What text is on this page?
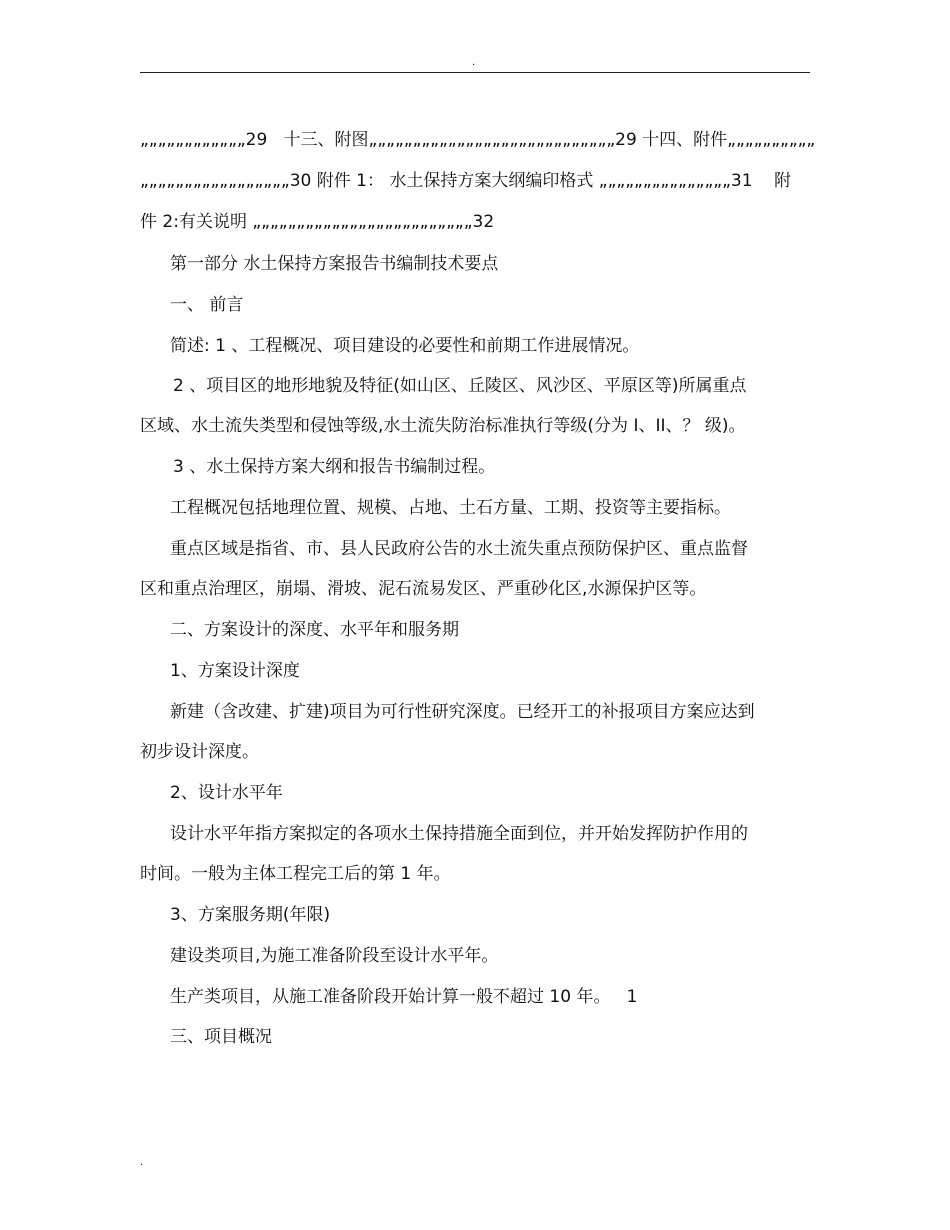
.
„„„„„„„„„„„„29   十三、附图„„„„„„„„„„„„„„„„„„„„„„„„„„„„29 十四、附件„„„„„„„„„„
„„„„„„„„„„„„„„„„„30 附件 1： 水土保持方案大纲编印格式 „„„„„„„„„„„„„„„31    附
件 2:有关说明 „„„„„„„„„„„„„„„„„„„„„„„„„32
第一部分 水土保持方案报告书编制技术要点
一、 前言
简述: 1 、工程概况、项目建设的必要性和前期工作进展情况。
2 、项目区的地形地貌及特征(如山区、丘陵区、风沙区、平原区等)所属重点
区域、水土流失类型和侵蚀等级,水土流失防治标准执行等级(分为 I、II、？ 级)。
3 、水土保持方案大纲和报告书编制过程。
工程概况包括地理位置、规模、占地、土石方量、工期、投资等主要指标。
重点区域是指省、市、县人民政府公告的水土流失重点预防保护区、重点监督
区和重点治理区，崩塌、滑坡、泥石流易发区、严重砂化区,水源保护区等。
二、方案设计的深度、水平年和服务期
1、方案设计深度
新建（含改建、扩建)项目为可行性研究深度。已经开工的补报项目方案应达到
初步设计深度。
2、设计水平年
设计水平年指方案拟定的各项水土保持措施全面到位，并开始发挥防护作用的
时间。一般为主体工程完工后的第 1 年。
3、方案服务期(年限)
建设类项目,为施工准备阶段至设计水平年。
生产类项目，从施工准备阶段开始计算一般不超过 10 年。   1
三、项目概况
.
